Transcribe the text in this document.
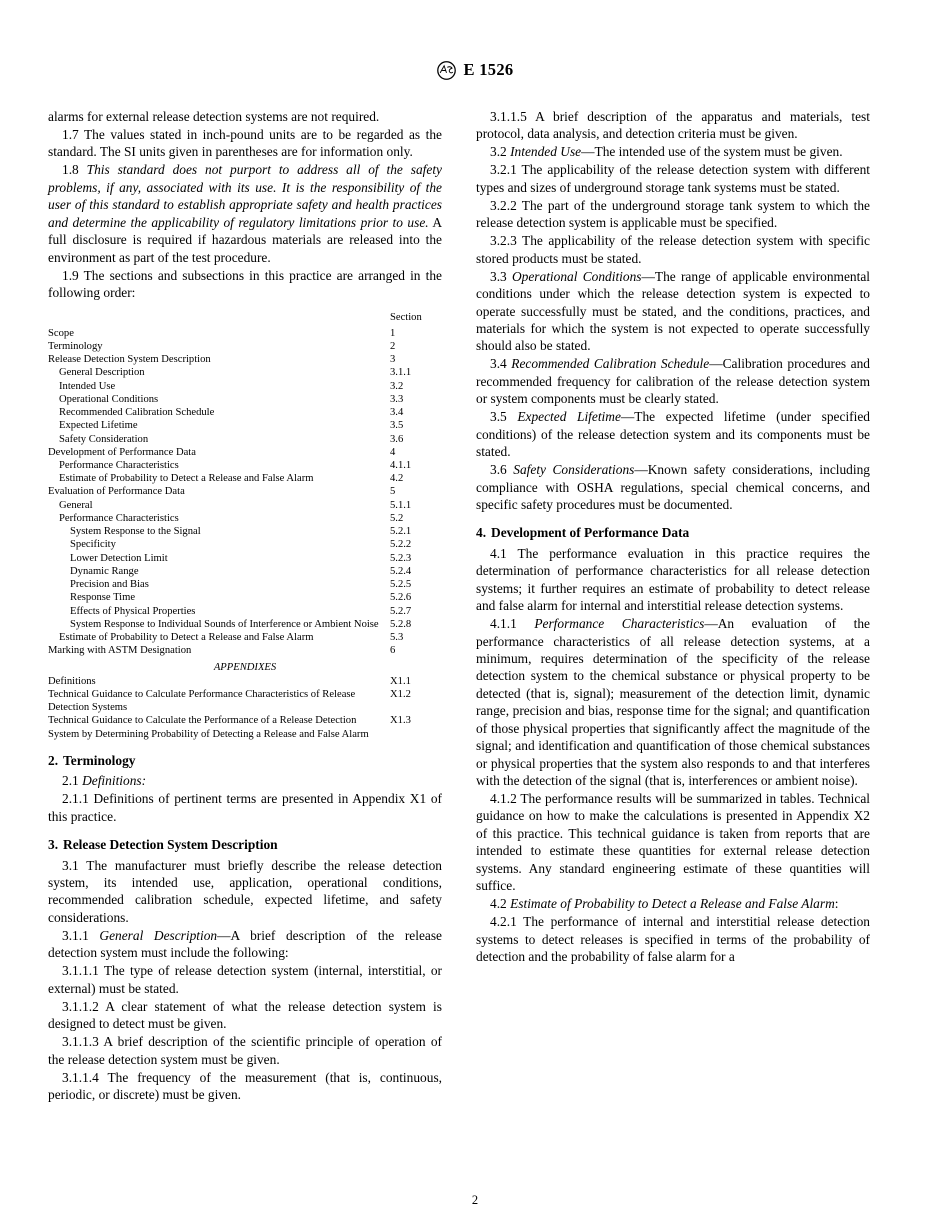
E 1526

alarms for external release detection systems are not required.

1.7 The values stated in inch-pound units are to be regarded as the standard. The SI units given in parentheses are for information only.

1.8 This standard does not purport to address all of the safety problems, if any, associated with its use. It is the responsibility of the user of this standard to establish appropriate safety and health practices and determine the applicability of regulatory limitations prior to use. A full disclosure is required if hazardous materials are released into the environment as part of the test procedure.

1.9 The sections and subsections in this practice are arranged in the following order:

	Section
Scope	1
Terminology	2
Release Detection System Description	3
General Description	3.1.1
Intended Use	3.2
Operational Conditions	3.3
Recommended Calibration Schedule	3.4
Expected Lifetime	3.5
Safety Consideration	3.6
Development of Performance Data	4
Performance Characteristics	4.1.1
Estimate of Probability to Detect a Release and False Alarm	4.2
Evaluation of Performance Data	5
General	5.1.1
Performance Characteristics	5.2
System Response to the Signal	5.2.1
Specificity	5.2.2
Lower Detection Limit	5.2.3
Dynamic Range	5.2.4
Precision and Bias	5.2.5
Response Time	5.2.6
Effects of Physical Properties	5.2.7
System Response to Individual Sounds of Interference or Ambient Noise	5.2.8
Estimate of Probability to Detect a Release and False Alarm	5.3
Marking with ASTM Designation	6
APPENDIXES	
Definitions	X1.1
Technical Guidance to Calculate Performance Characteristics of Release Detection Systems	X1.2
Technical Guidance to Calculate the Performance of a Release Detection System by Determining Probability of Detecting a Release and False Alarm	X1.3

2. Terminology

2.1 Definitions:

2.1.1 Definitions of pertinent terms are presented in Appendix X1 of this practice.

3. Release Detection System Description

3.1 The manufacturer must briefly describe the release detection system, its intended use, application, operational conditions, recommended calibration schedule, expected lifetime, and safety considerations.

3.1.1 General Description—A brief description of the release detection system must include the following:

3.1.1.1 The type of release detection system (internal, interstitial, or external) must be stated.

3.1.1.2 A clear statement of what the release detection system is designed to detect must be given.

3.1.1.3 A brief description of the scientific principle of operation of the release detection system must be given.

3.1.1.4 The frequency of the measurement (that is, continuous, periodic, or discrete) must be given.

3.1.1.5 A brief description of the apparatus and materials, test protocol, data analysis, and detection criteria must be given.

3.2 Intended Use—The intended use of the system must be given.

3.2.1 The applicability of the release detection system with different types and sizes of underground storage tank systems must be stated.

3.2.2 The part of the underground storage tank system to which the release detection system is applicable must be specified.

3.2.3 The applicability of the release detection system with specific stored products must be stated.

3.3 Operational Conditions—The range of applicable environmental conditions under which the release detection system is expected to operate successfully must be stated, and the conditions, practices, and materials for which the system is not expected to operate successfully should also be stated.

3.4 Recommended Calibration Schedule—Calibration procedures and recommended frequency for calibration of the release detection system or system components must be clearly stated.

3.5 Expected Lifetime—The expected lifetime (under specified conditions) of the release detection system and its components must be stated.

3.6 Safety Considerations—Known safety considerations, including compliance with OSHA regulations, special chemical concerns, and specific safety procedures must be documented.

4. Development of Performance Data

4.1 The performance evaluation in this practice requires the determination of performance characteristics for all release detection systems; it further requires an estimate of probability to detect release and false alarm for internal and interstitial release detection systems.

4.1.1 Performance Characteristics—An evaluation of the performance characteristics of all release detection systems, at a minimum, requires determination of the specificity of the release detection system to the chemical substance or physical property to be detected (that is, signal); measurement of the detection limit, dynamic range, precision and bias, response time for the signal; and quantification of those physical properties that significantly affect the magnitude of the signal; and identification and quantification of those chemical substances or physical properties that the system also responds to and that interferes with the detection of the signal (that is, interferences or ambient noise).

4.1.2 The performance results will be summarized in tables. Technical guidance on how to make the calculations is presented in Appendix X2 of this practice. This technical guidance is taken from reports that are intended to estimate these quantities for external release detection systems. Any standard engineering estimate of these quantities will suffice.

4.2 Estimate of Probability to Detect a Release and False Alarm:

4.2.1 The performance of internal and interstitial release detection systems to detect releases is specified in terms of the probability of detection and the probability of false alarm for a

2
